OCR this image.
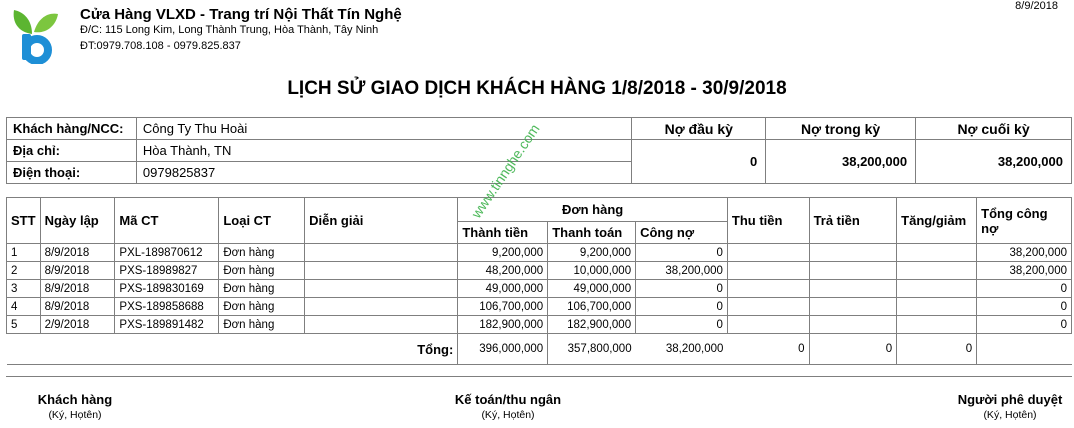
Cửa Hàng VLXD - Trang trí Nội Thất Tín Nghệ
Đ/C: 115 Long Kim, Long Thành Trung, Hòa Thành, Tây Ninh
ĐT:0979.708.108 - 0979.825.837
8/9/2018
LỊCH SỬ GIAO DỊCH KHÁCH HÀNG 1/8/2018 - 30/9/2018
Khách hàng/NCC:	Công Ty Thu Hoài	Nợ đầu kỳ	Nợ trong kỳ	Nợ cuối kỳ
Địa chỉ:	Hòa Thành, TN	0	38,200,000	38,200,000
Điện thoại:	0979825837			
STT	Ngày lập	Mã CT	Loại CT	Diễn giải	Đơn hàng			Thu tiền	Trả tiền	Tăng/giảm	Tổng công nợ
					Thành tiền	Thanh toán	Công nợ				
1	8/9/2018	PXL-189870612	Đơn hàng		9,200,000	9,200,000	0				38,200,000
2	8/9/2018	PXS-18989827	Đơn hàng		48,200,000	10,000,000	38,200,000				38,200,000
3	8/9/2018	PXS-189830169	Đơn hàng		49,000,000	49,000,000	0				0
4	8/9/2018	PXS-189858688	Đơn hàng		106,700,000	106,700,000	0				0
5	2/9/2018	PXS-189891482	Đơn hàng		182,900,000	182,900,000	0				0
Tổng:					396,000,000	357,800,000	38,200,000	0	0	0	
www.tinnghe.com
Khách hàng
(Ký, Họtên)
Kế toán/thu ngân
(Ký, Họtên)
Người phê duyệt
(Ký, Họtên)
